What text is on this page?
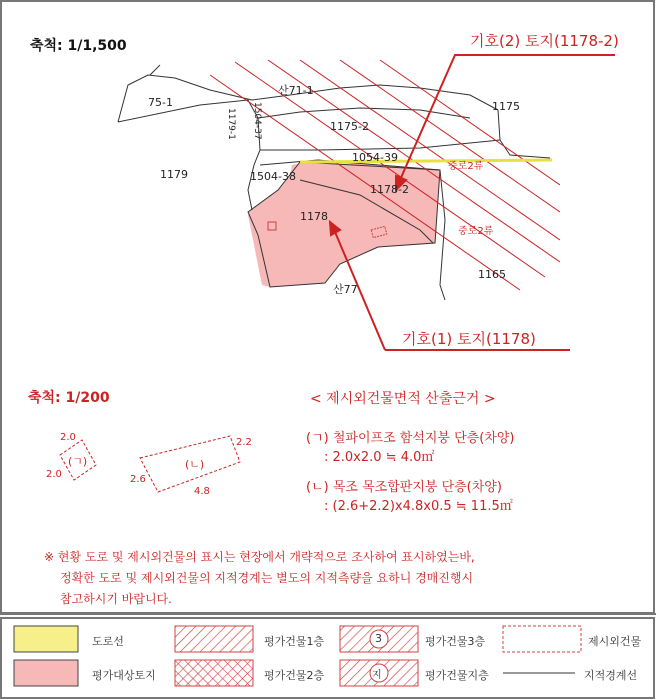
축척: 1/1,500	기호(2) 토지(1178-2)
기호(1) 토지(1178)
75-1
1179
1179-1 1504-37
산71-1
1175-2
1175
1054-39
1504-38
1178-2
1178
1165
산77
중로2류
중로2류
축척: 1/200	< 제시외건물면적 산출근거 >
(ㄱ) 철파이프조 함석지붕 단층(차양)
: 2.0x2.0 ≒ 4.0㎡
(ㄴ) 목조 목조합판지붕 단층(차양)
: (2.6+2.2)x4.8x0.5 ≒ 11.5㎡
(ㄱ)
2.0
2.0
(ㄴ)
2.2
2.6
4.8
※ 현황 도로 및 제시외건물의 표시는 현장에서 개략적으로 조사하여 표시하였는바,
정확한 도로 및 제시외건물의 지적경계는 별도의 지적측량을 요하니 경매진행시
참고하시기 바랍니다.
도로선
평가대상토지
평가건물1층
평가건물2층
3	평가건물3층
지	평가건물지층
제시외건물
지적경계선
